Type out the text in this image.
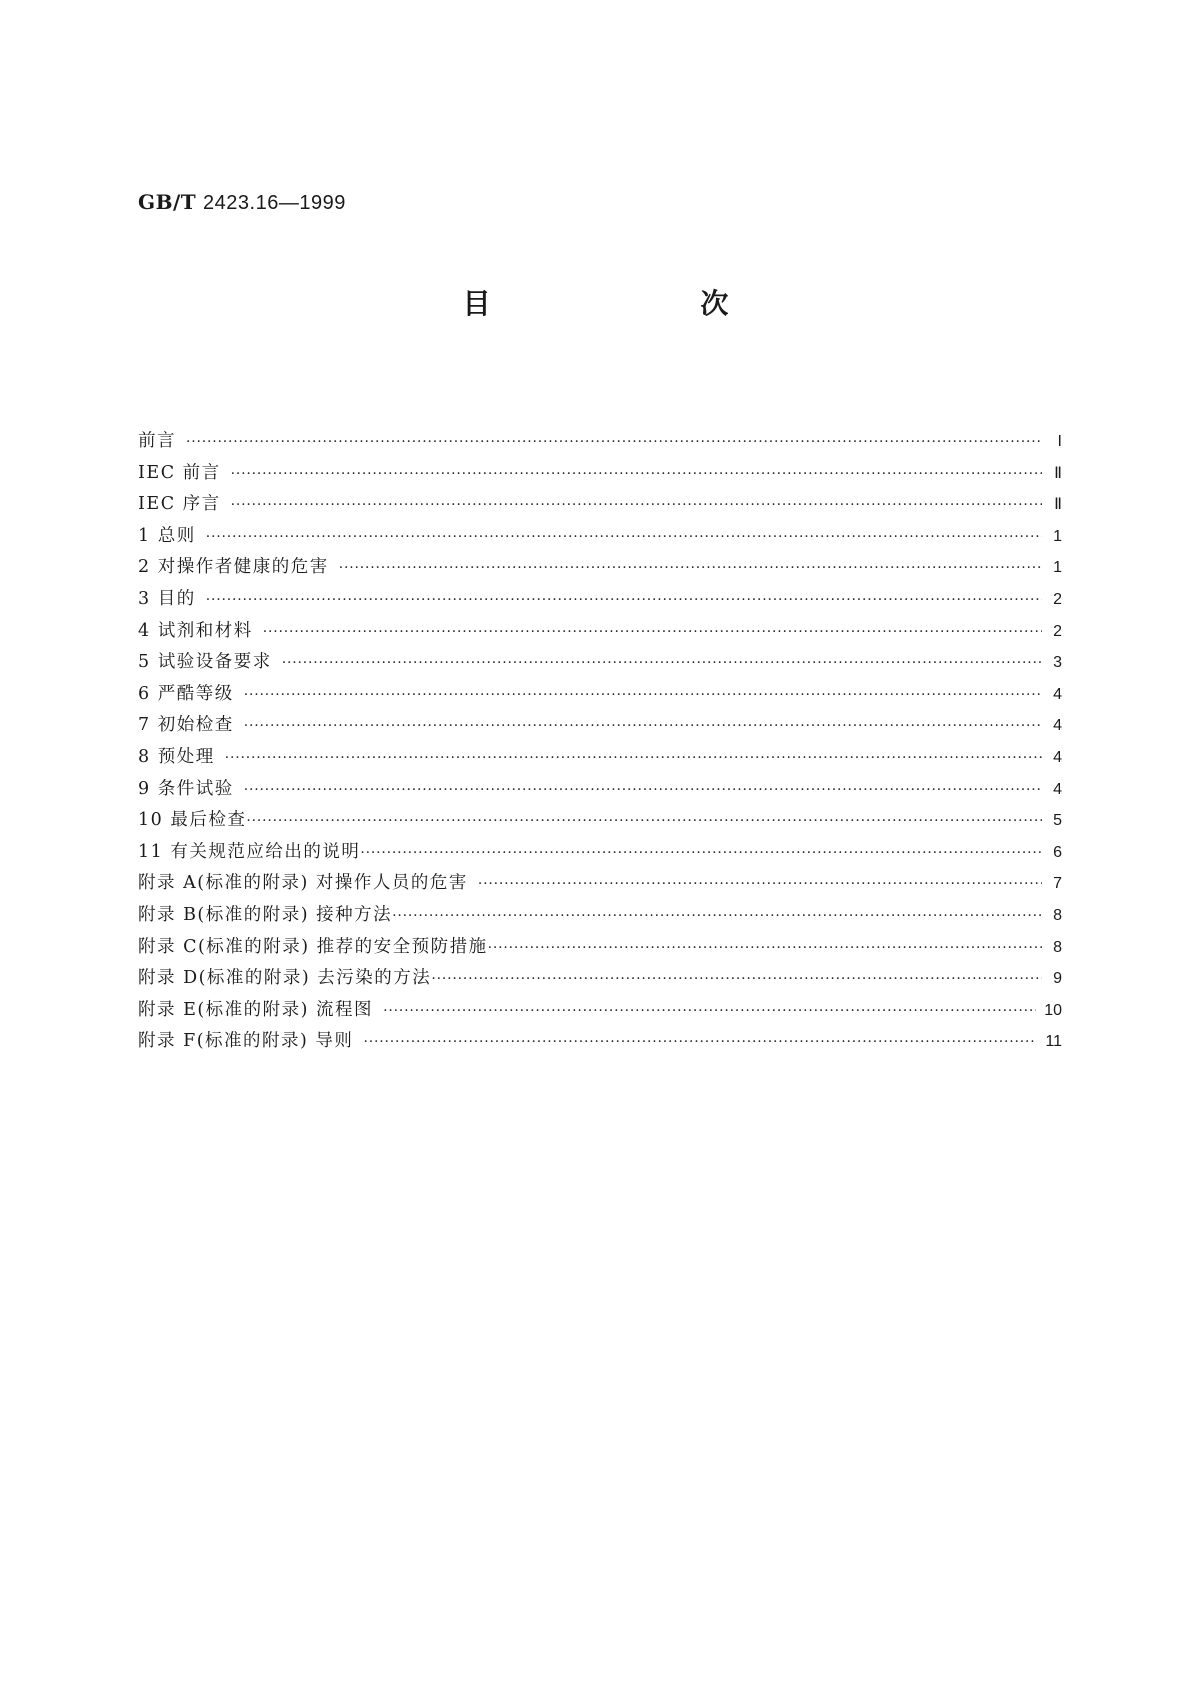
GB/T 2423.16—1999
目 次
前言 ·····	I
IEC 前言 ·····	Ⅱ
IEC 序言 ·····	Ⅱ
1 总则 ·····	1
2 对操作者健康的危害 ·····	1
3 目的 ·····	2
4 试剂和材料 ·····	2
5 试验设备要求 ·····	3
6 严酷等级 ·····	4
7 初始检查 ·····	4
8 预处理 ·····	4
9 条件试验 ·····	4
10 最后检查 ·····	5
11 有关规范应给出的说明 ·····	6
附录 A(标准的附录) 对操作人员的危害 ·····	7
附录 B(标准的附录) 接种方法 ·····	8
附录 C(标准的附录) 推荐的安全预防措施 ·····	8
附录 D(标准的附录) 去污染的方法 ·····	9
附录 E(标准的附录) 流程图 ·····	10
附录 F(标准的附录) 导则 ·····	11
